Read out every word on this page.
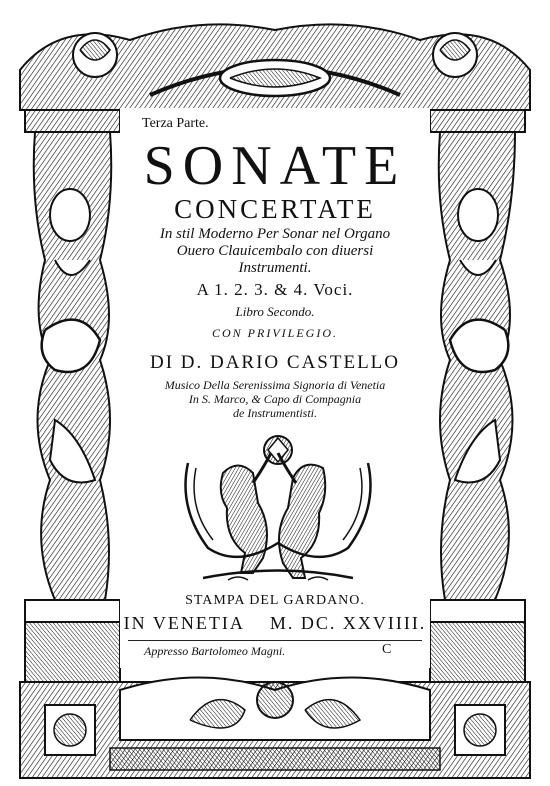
Terza Parte.
SONATE
CONCERTATE
In stil Moderno Per Sonar nel Organo
Ouero Clauicembalo con diuersi
Instrumenti.
A 1. 2. 3. & 4. Voci.
Libro Secondo.
CON PRIVILEGIO.
DI D. DARIO CASTELLO
Musico Della Serenissima Signoria di Venetia
In S. Marco, & Capo di Compagnia
de Instrumentisti.
STAMPA DEL GARDANO.
IN VENETIA    M. DC. XXVIIII.
Appresso Bartolomeo Magni.	C
